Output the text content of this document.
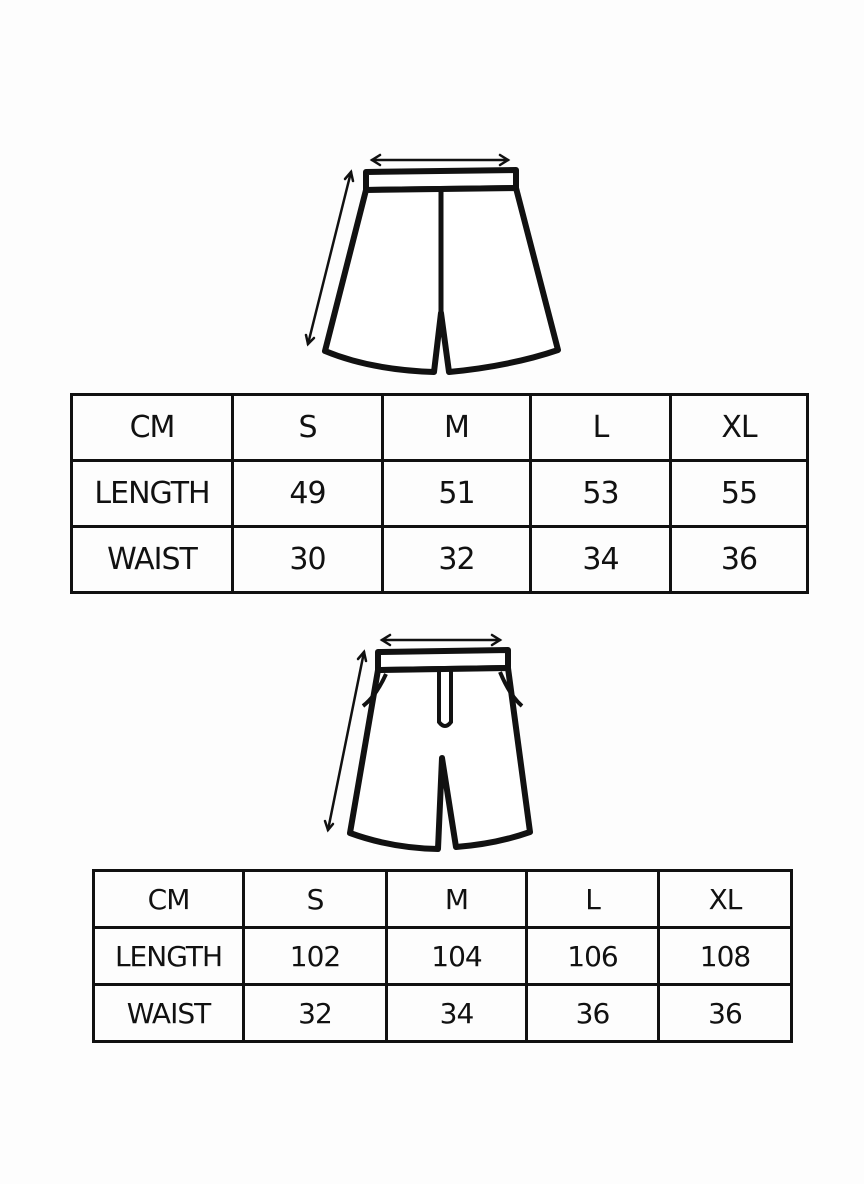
CM	S	M	L	XL
LENGTH	49	51	53	55
WAIST	30	32	34	36
CM	S	M	L	XL
LENGTH	102	104	106	108
WAIST	32	34	36	36
